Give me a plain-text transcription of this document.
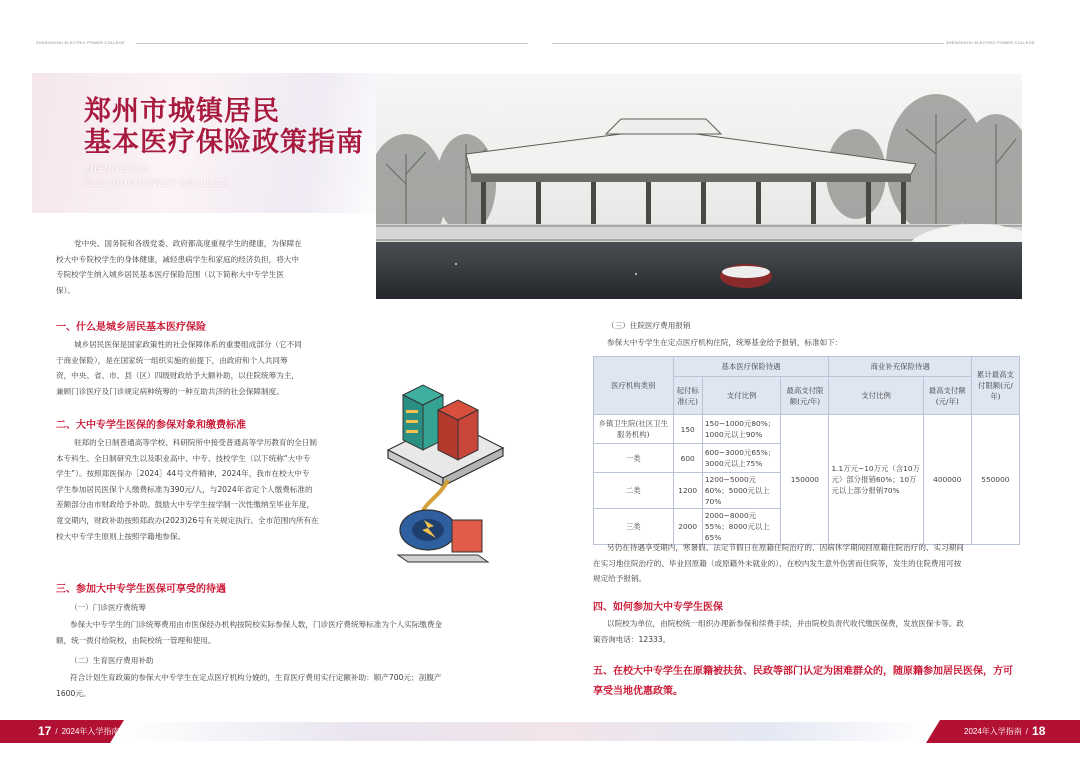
ZHENGZHOU ELECTRIC POWER COLLEGE	ZHENGZHOU ELECTRIC POWER COLLEGE
郑州市城镇居民
基本医疗保险政策指南
ZHENGZHOU
ELECTRIC POWER COLLEGE
党中央、国务院和各级党委、政府都高度重视学生的健康，为保障在
校大中专院校学生的身体健康，减轻患病学生和家庭的经济负担，将大中
专院校学生纳入城乡居民基本医疗保险范围（以下简称大中专学生医
保）。
一、什么是城乡居民基本医疗保险
城乡居民医保是国家政策性的社会保障体系的重要组成部分（它不同
于商业保险），是在国家统一组织实施的前提下，由政府和个人共同筹
资，中央、省、市、县（区）四级财政给予大额补助，以住院统筹为主，
兼顾门诊医疗及门诊规定病种统筹的一种互助共济的社会保障制度。
二、大中专学生医保的参保对象和缴费标准
驻郑的全日制普通高等学校、科研院所中接受普通高等学历教育的全日制
本专科生、全日制研究生以及职业高中、中专、技校学生（以下统称“大中专
学生”）。按照郑医保办［2024］44号文件精神，2024年，我市在校大中专
学生参加居民医保个人缴费标准为390元/人，与2024年省定个人缴费标准的
差额部分由市财政给予补助。鼓励大中专学生按学制一次性缴纳至毕业年度，
竟交期内，财政补助按照郑政办(2023)26号有关规定执行。全市范围内所有在
校大中专学生原则上按照学籍地参保。
三、参加大中专学生医保可享受的待遇
（一）门诊医疗费统筹
参保大中专学生的门诊统筹费用由市医保经办机构按院校实际参保人数，门诊医疗费统筹标准为个人实际缴费金
额，统一拨付给院校，由院校统一管理和使用。
（二）生育医疗费用补助
符合计划生育政策的参保大中专学生在定点医疗机构分娩的，生育医疗费用实行定额补助：顺产700元；剖腹产
1600元。
（三）住院医疗费用报销
参保大中专学生在定点医疗机构住院，统筹基金给予报销，标准如下：
医疗机构类别	基本医疗保险待遇			商业补充保险待遇		累计最高支付限额(元/年)
	起付标准(元)	支付比例	最高支付限额(元/年)	支付比例	最高支付额(元/年)	
乡镇卫生院(社区卫生服务机构)	150	150~1000元80%；1000元以上90%	150000	1.1万元~10万元（含10万元）部分报销60%；10万元以上部分报销70%	400000	550000
一类	600	600~3000元65%；3000元以上75%				
二类	1200	1200~5000元60%；5000元以上70%				
三类	2000	2000~8000元55%；8000元以上65%				
另仍在待遇享受期内，寒暑假、法定节假日在原籍住院治疗的、因病休学期间回原籍住院治疗的、实习期间
在实习地住院治疗的、毕业回原籍（或原籍外未就业的）、在校内发生意外伤害而住院等，发生的住院费用可按
规定给予报销。
四、如何参加大中专学生医保
以院校为单位，由院校统一组织办理新参保和续费手续，并由院校负责代收代缴医保费，发放医保卡等。政
策咨询电话：12333。
五、在校大中专学生在原籍被扶贫、民政等部门认定为困难群众的，随原籍参加居民医保，方可
享受当地优惠政策。
17 / 2024年入学指南	2024年入学指南 / 18
